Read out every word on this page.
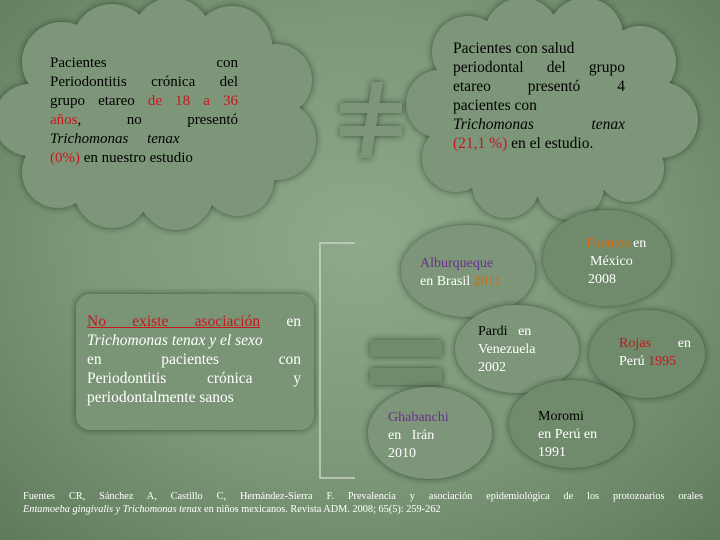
Pacientes	con
Periodontitis crónica del
grupo etareo de 18 a 36
años,	no	presentó
Trichomonas tenax
(0%) en nuestro estudio
Pacientes con salud
periodontal del grupo
etareo presentó 4
pacientes con
Trichomonas	tenax
(21,1 %) en el estudio.
No existe asociación en
Trichomonas tenax y el sexo
en	pacientes	con
Periodontitis	crónica	y
periodontalmente sanos
Alburqueque
en Brasil 2011
Fuentes en
México
2008
Pardi en
Venezuela
2002
Rojas en
Perú 1995
Ghabanchi
en Irán
2010
Moromi
en Perú en
1991
Fuentes CR, Sánchez A, Castillo C, Hernández-Sierra F. Prevalencia y asociación epidemiológica de los protozoarios orales
Entamoeba gingivalis y Trichomonas tenax en niños mexicanos. Revista ADM. 2008; 65(5): 259-262
